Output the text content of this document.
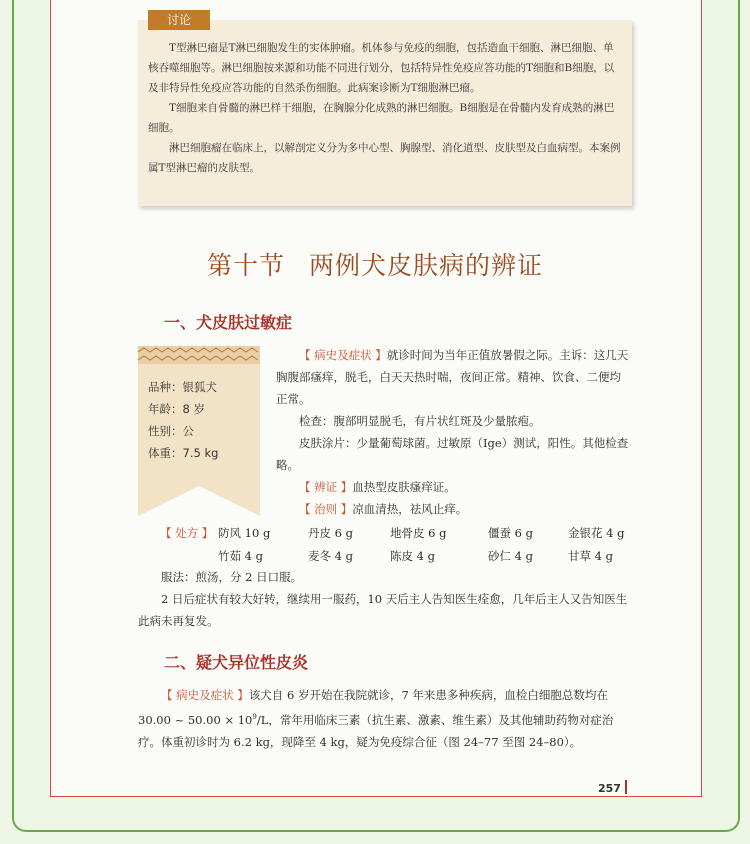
讨论

T型淋巴瘤是T淋巴细胞发生的实体肿瘤。机体参与免疫的细胞，包括造血干细胞、淋巴细胞、单核吞噬细胞等。淋巴细胞按来源和功能不同进行划分，包括特异性免疫应答功能的T细胞和B细胞，以及非特异性免疫应答功能的自然杀伤细胞。此病案诊断为T细胞淋巴瘤。

T细胞来自骨髓的淋巴样干细胞，在胸腺分化成熟的淋巴细胞。B细胞是在骨髓内发育成熟的淋巴细胞。

淋巴细胞瘤在临床上，以解剖定义分为多中心型、胸腺型、消化道型、皮肤型及白血病型。本案例属T型淋巴瘤的皮肤型。

第十节 两例犬皮肤病的辨证
一、犬皮肤过敏症
品种：银狐犬
年龄：8 岁
性别：公
体重：7.5 kg
【 病史及症状 】就诊时间为当年正值放暑假之际。主诉：这几天胸腹部瘙痒，脱毛，白天天热时喘，夜间正常。精神、饮食、二便均正常。
检查：腹部明显脱毛，有片状红斑及少量脓疱。
皮肤涂片：少量葡萄球菌。过敏原（Ige）测试，阳性。其他检查略。
【 辨证 】血热型皮肤瘙痒证。
【 治则 】凉血清热，祛风止痒。
【 处方 】 防风 10 g	丹皮 6 g	地骨皮 6 g	僵蚕 6 g	金银花 4 g
竹茹 4 g	麦冬 4 g	陈皮 4 g	砂仁 4 g	甘草 4 g
服法：煎汤，分 2 日口服。
2 日后症状有较大好转，继续用一服药，10 天后主人告知医生痊愈，几年后主人又告知医生此病未再复发。
二、疑犬异位性皮炎
【 病史及症状 】该犬自 6 岁开始在我院就诊，7 年来患多种疾病，血检白细胞总数均在 30.00 ~ $50.00 \times 10^9/L$，常年用临床三素（抗生素、激素、维生素）及其他辅助药物对症治疗。体重初诊时为 6.2 kg，现降至 4 kg，疑为免疫综合征（图 24–77 至图 24–80）。
257
